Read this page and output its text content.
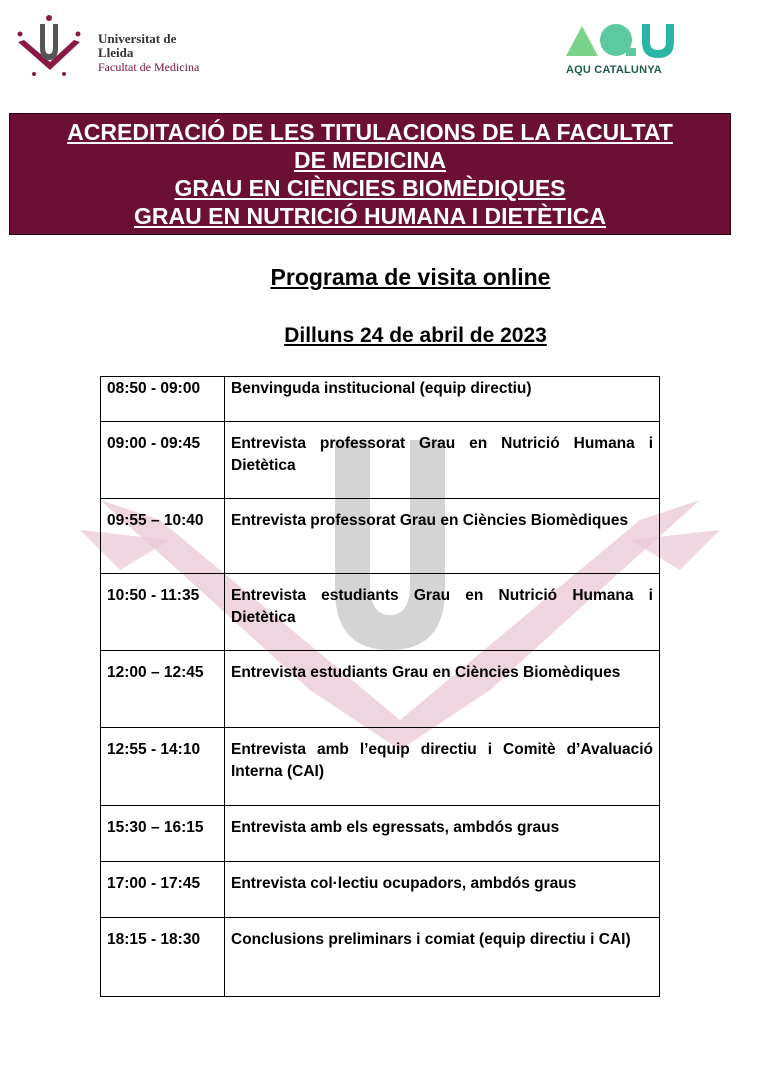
Universitat de Lleida
Facultat de Medicina	AQU CATALUNYA
ACREDITACIÓ DE LES TITULACIONS DE LA FACULTAT
DE MEDICINA
GRAU EN CIÈNCIES BIOMÈDIQUES
GRAU EN NUTRICIÓ HUMANA I DIETÈTICA
Programa de visita online
Dilluns 24 de abril de 2023
08:50 - 09:00	Benvinguda institucional (equip directiu)
09:00 - 09:45	Entrevista professorat Grau en Nutrició Humana i Dietètica
09:55 – 10:40	Entrevista professorat Grau en Ciències Biomèdiques
10:50 - 11:35	Entrevista estudiants Grau en Nutrició Humana i Dietètica
12:00 – 12:45	Entrevista estudiants Grau en Ciències Biomèdiques
12:55 - 14:10	Entrevista amb l’equip directiu i Comitè d’Avaluació Interna (CAI)
15:30 – 16:15	Entrevista amb els egressats, ambdós graus
17:00 - 17:45	Entrevista col·lectiu ocupadors, ambdós graus
18:15 - 18:30	Conclusions preliminars i comiat (equip directiu i CAI)
